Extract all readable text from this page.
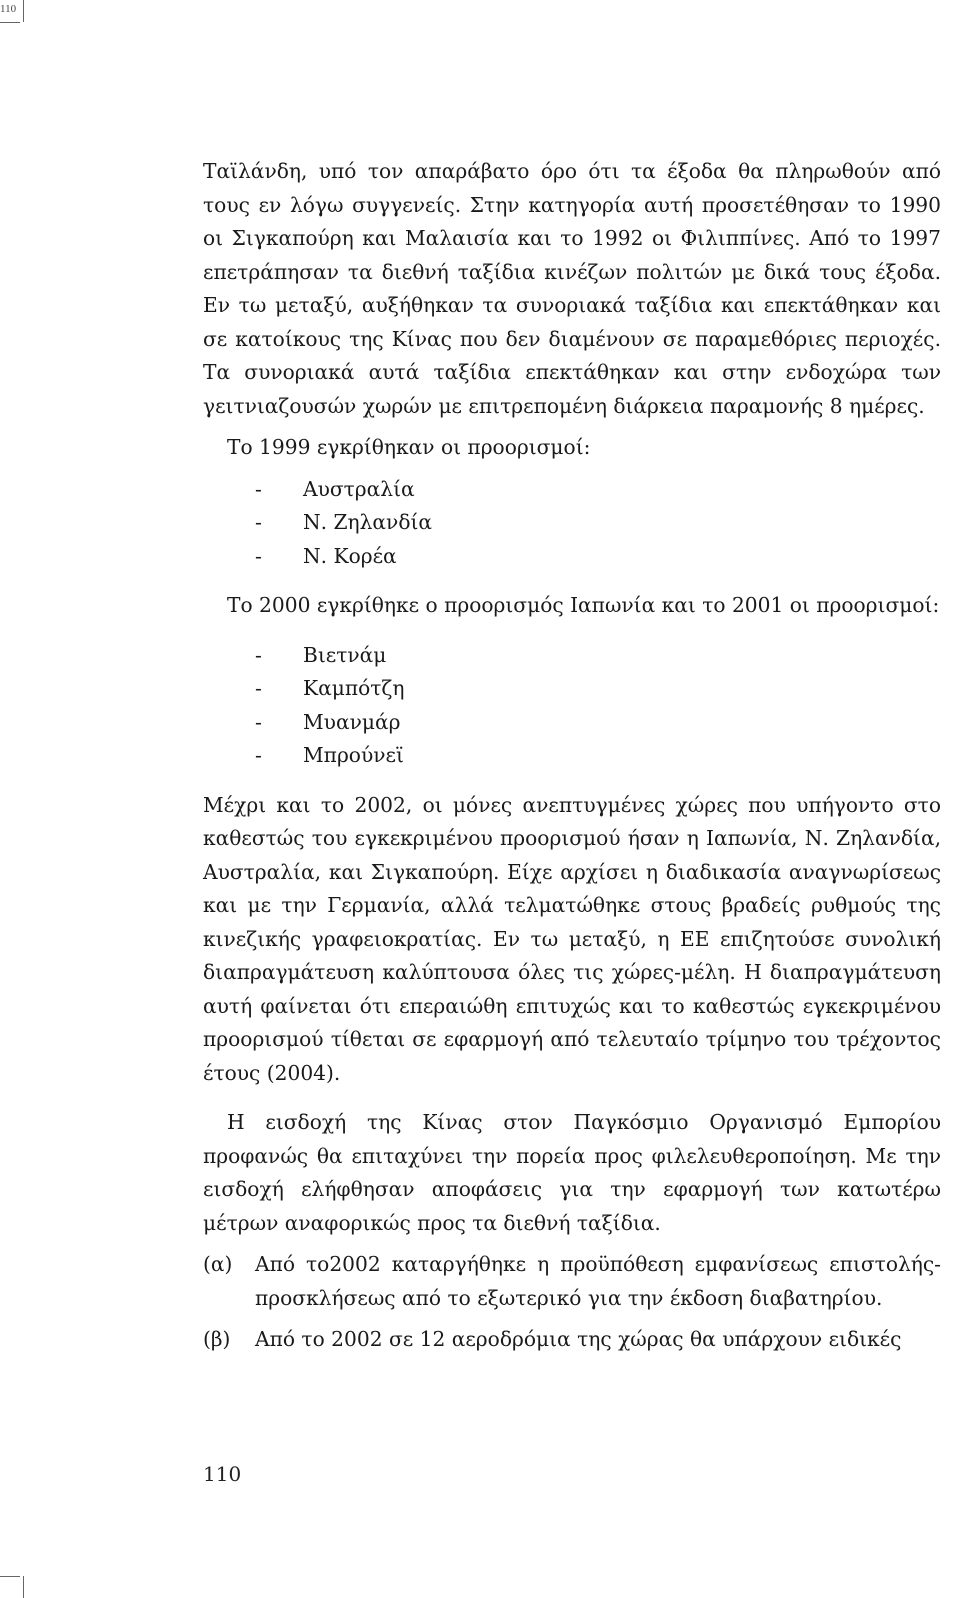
110

Ταϊλάνδη, υπό τον απαράβατο όρο ότι τα έξοδα θα πληρωθούν από τους εν λόγω συγγενείς. Στην κατηγορία αυτή προσετέθησαν το 1990 οι Σιγκαπούρη και Μαλαισία και το 1992 οι Φιλιππίνες. Από το 1997 επετράπησαν τα διεθνή ταξίδια κινέζων πολιτών με δικά τους έξοδα. Εν τω μεταξύ, αυξήθηκαν τα συνοριακά ταξίδια και επεκτάθηκαν και σε κατοίκους της Κίνας που δεν διαμένουν σε παραμεθόριες περιοχές. Τα συνοριακά αυτά ταξίδια επεκτάθηκαν και στην ενδοχώρα των γειτνιαζουσών χωρών με επιτρεπομένη διάρκεια παραμονής 8 ημέρες.

Το 1999 εγκρίθηκαν οι προορισμοί:

- Αυστραλία
- Ν. Ζηλανδία
- Ν. Κορέα

Το 2000 εγκρίθηκε ο προορισμός Ιαπωνία και το 2001 οι προορισμοί:

- Βιετνάμ
- Καμπότζη
- Μυανμάρ
- Μπρούνεϊ

Μέχρι και το 2002, οι μόνες ανεπτυγμένες χώρες που υπήγοντο στο καθεστώς του εγκεκριμένου προορισμού ήσαν η Ιαπωνία, Ν. Ζηλανδία, Αυστραλία, και Σιγκαπούρη. Είχε αρχίσει η διαδικασία αναγνωρίσεως και με την Γερμανία, αλλά τελματώθηκε στους βραδείς ρυθμούς της κινεζικής γραφειοκρατίας. Εν τω μεταξύ, η ΕΕ επιζητούσε συνολική διαπραγμάτευση καλύπτουσα όλες τις χώρες-μέλη. Η διαπραγμάτευση αυτή φαίνεται ότι επεραιώθη επιτυχώς και το καθεστώς εγκεκριμένου προορισμού τίθεται σε εφαρμογή από τελευταίο τρίμηνο του τρέχοντος έτους (2004).

Η εισδοχή της Κίνας στον Παγκόσμιο Οργανισμό Εμπορίου προφανώς θα επιταχύνει την πορεία προς φιλελευθεροποίηση. Με την εισδοχή ελήφθησαν αποφάσεις για την εφαρμογή των κατωτέρω μέτρων αναφορικώς προς τα διεθνή ταξίδια.

(α) Από το2002 καταργήθηκε η προϋπόθεση εμφανίσεως επιστολής-προσκλήσεως από το εξωτερικό για την έκδοση διαβατηρίου.
(β) Από το 2002 σε 12 αεροδρόμια της χώρας θα υπάρχουν ειδικές
110
